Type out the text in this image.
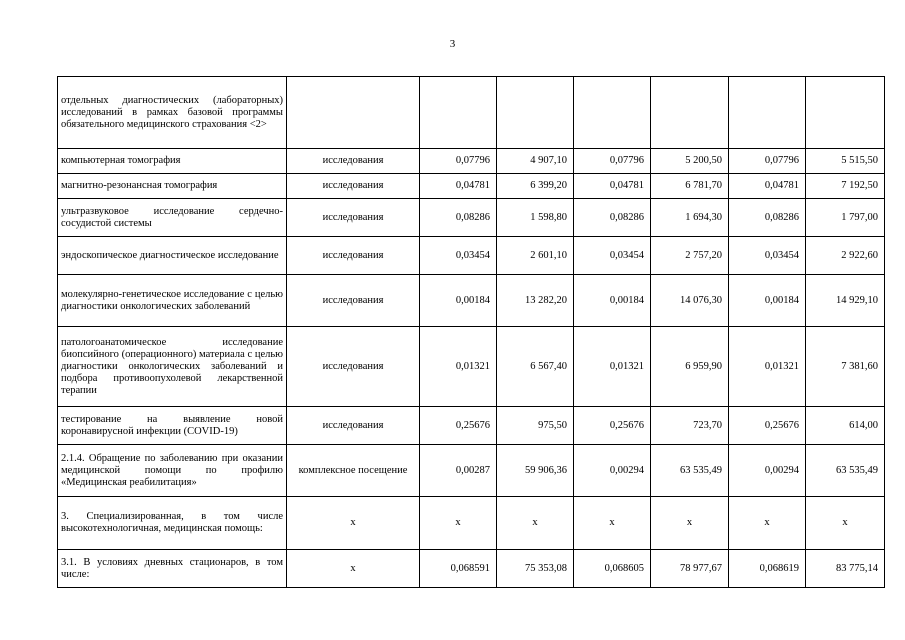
3
отдельных диагностических (лабораторных) исследований в рамках базовой программы обязательного медицинского страхования <2>							
компьютерная томография	исследования	0,07796	4 907,10	0,07796	5 200,50	0,07796	5 515,50
магнитно-резонансная томография	исследования	0,04781	6 399,20	0,04781	6 781,70	0,04781	7 192,50
ультразвуковое исследование сердечно-сосудистой системы	исследования	0,08286	1 598,80	0,08286	1 694,30	0,08286	1 797,00
эндоскопическое диагностическое исследование	исследования	0,03454	2 601,10	0,03454	2 757,20	0,03454	2 922,60
молекулярно-генетическое исследование с целью диагностики онкологических заболеваний	исследования	0,00184	13 282,20	0,00184	14 076,30	0,00184	14 929,10
патологоанатомическое исследование биопсийного (операционного) материала с целью диагностики онкологических заболеваний и подбора противоопухолевой лекарственной терапии	исследования	0,01321	6 567,40	0,01321	6 959,90	0,01321	7 381,60
тестирование на выявление новой коронавирусной инфекции (COVID-19)	исследования	0,25676	975,50	0,25676	723,70	0,25676	614,00
2.1.4. Обращение по заболеванию при оказании медицинской помощи по профилю «Медицинская реабилитация»	комплексное посещение	0,00287	59 906,36	0,00294	63 535,49	0,00294	63 535,49
3. Специализированная, в том числе высокотехнологичная, медицинская помощь:	х	х	х	х	х	х	х
3.1. В условиях дневных стационаров, в том числе:	х	0,068591	75 353,08	0,068605	78 977,67	0,068619	83 775,14
